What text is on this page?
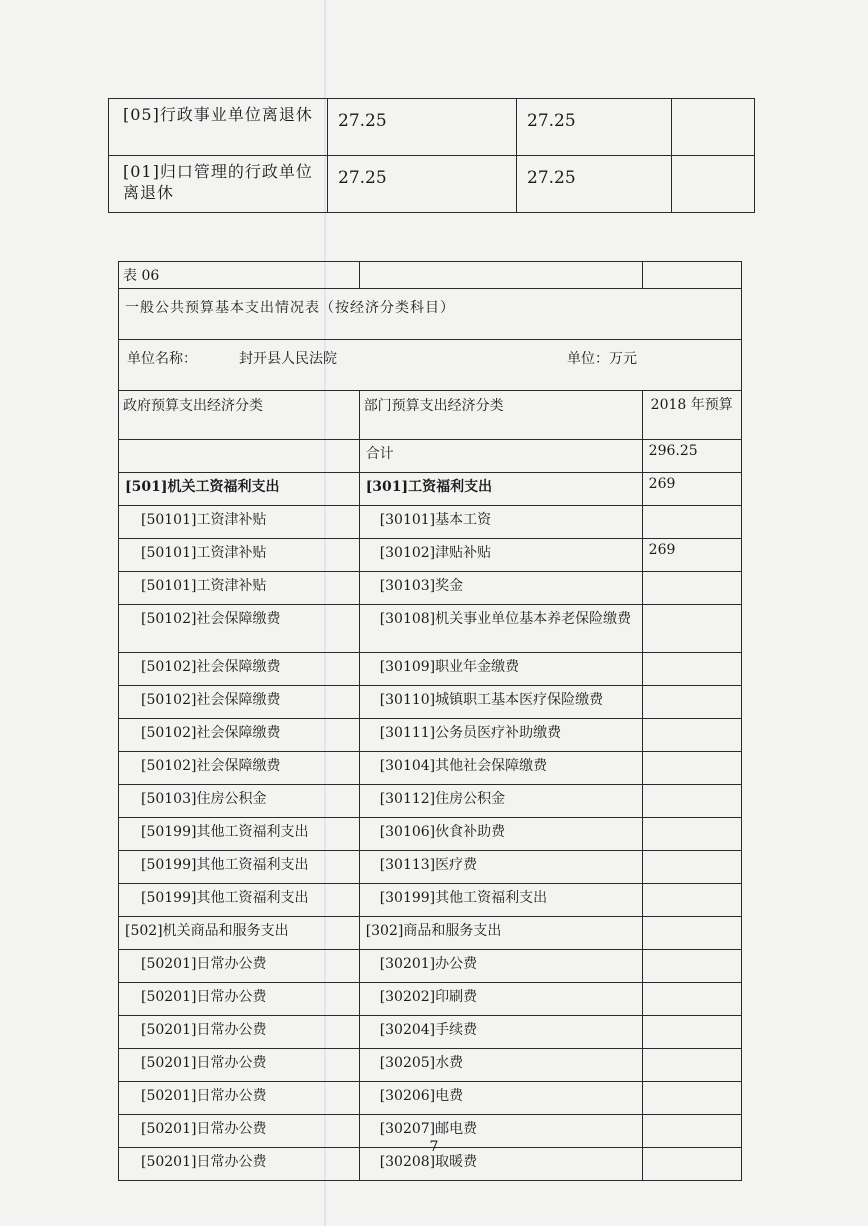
[05]行政事业单位离退休	27.25	27.25	
[01]归口管理的行政单位离退休	27.25	27.25	
表 06		
一般公共预算基本支出情况表（按经济分类科目）		
单位名称： 封开县人民法院 单位：万元		

政府预算支出经济分类	部门预算支出经济分类	2018 年预算
	合计	296.25
[501]机关工资福利支出	[301]工资福利支出	269
[50101]工资津补贴	[30101]基本工资	
[50101]工资津补贴	[30102]津贴补贴	269
[50101]工资津补贴	[30103]奖金	
[50102]社会保障缴费	[30108]机关事业单位基本养老保险缴费	
[50102]社会保障缴费	[30109]职业年金缴费	
[50102]社会保障缴费	[30110]城镇职工基本医疗保险缴费	
[50102]社会保障缴费	[30111]公务员医疗补助缴费	
[50102]社会保障缴费	[30104]其他社会保障缴费	
[50103]住房公积金	[30112]住房公积金	
[50199]其他工资福利支出	[30106]伙食补助费	
[50199]其他工资福利支出	[30113]医疗费	
[50199]其他工资福利支出	[30199]其他工资福利支出	
[502]机关商品和服务支出	[302]商品和服务支出	
[50201]日常办公费	[30201]办公费	
[50201]日常办公费	[30202]印刷费	
[50201]日常办公费	[30204]手续费	
[50201]日常办公费	[30205]水费	
[50201]日常办公费	[30206]电费	
[50201]日常办公费	[30207]邮电费	
[50201]日常办公费	[30208]取暖费	
7
